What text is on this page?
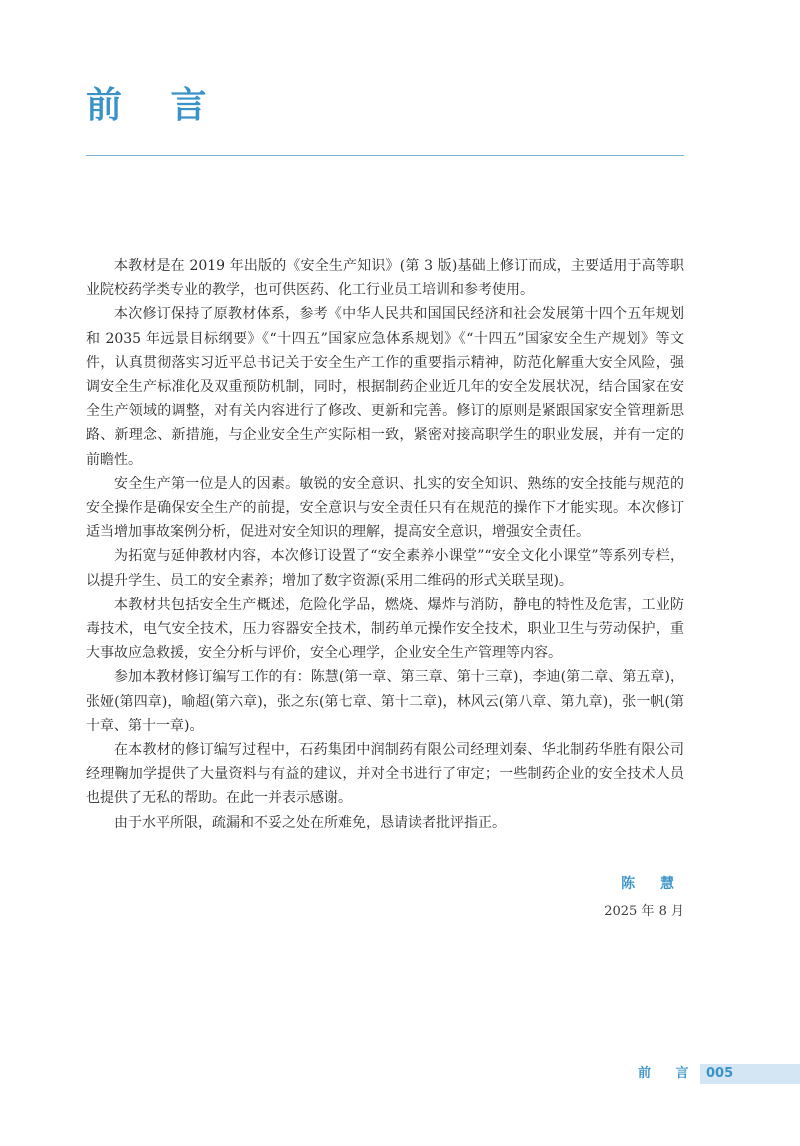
前 言

本教材是在 2019 年出版的《安全生产知识》(第 3 版)基础上修订而成，主要适用于高等职业院校药学类专业的教学，也可供医药、化工行业员工培训和参考使用。

本次修订保持了原教材体系，参考《中华人民共和国国民经济和社会发展第十四个五年规划和 2035 年远景目标纲要》《“十四五”国家应急体系规划》《“十四五”国家安全生产规划》等文件，认真贯彻落实习近平总书记关于安全生产工作的重要指示精神，防范化解重大安全风险，强调安全生产标准化及双重预防机制，同时，根据制药企业近几年的安全发展状况，结合国家在安全生产领域的调整，对有关内容进行了修改、更新和完善。修订的原则是紧跟国家安全管理新思路、新理念、新措施，与企业安全生产实际相一致，紧密对接高职学生的职业发展，并有一定的前瞻性。

安全生产第一位是人的因素。敏锐的安全意识、扎实的安全知识、熟练的安全技能与规范的安全操作是确保安全生产的前提，安全意识与安全责任只有在规范的操作下才能实现。本次修订适当增加事故案例分析，促进对安全知识的理解，提高安全意识，增强安全责任。

为拓宽与延伸教材内容，本次修订设置了“安全素养小课堂”“安全文化小课堂”等系列专栏，以提升学生、员工的安全素养；增加了数字资源(采用二维码的形式关联呈现)。

本教材共包括安全生产概述，危险化学品，燃烧、爆炸与消防，静电的特性及危害，工业防毒技术，电气安全技术，压力容器安全技术，制药单元操作安全技术，职业卫生与劳动保护，重大事故应急救援，安全分析与评价，安全心理学，企业安全生产管理等内容。

参加本教材修订编写工作的有：陈慧(第一章、第三章、第十三章)，李迪(第二章、第五章)，张娅(第四章)，喻超(第六章)，张之东(第七章、第十二章)，林风云(第八章、第九章)，张一帆(第十章、第十一章)。

在本教材的修订编写过程中，石药集团中润制药有限公司经理刘秦、华北制药华胜有限公司经理鞠加学提供了大量资料与有益的建议，并对全书进行了审定；一些制药企业的安全技术人员也提供了无私的帮助。在此一并表示感谢。

由于水平所限，疏漏和不妥之处在所难免，恳请读者批评指正。

陈 慧
2025 年 8 月
前 言 005
